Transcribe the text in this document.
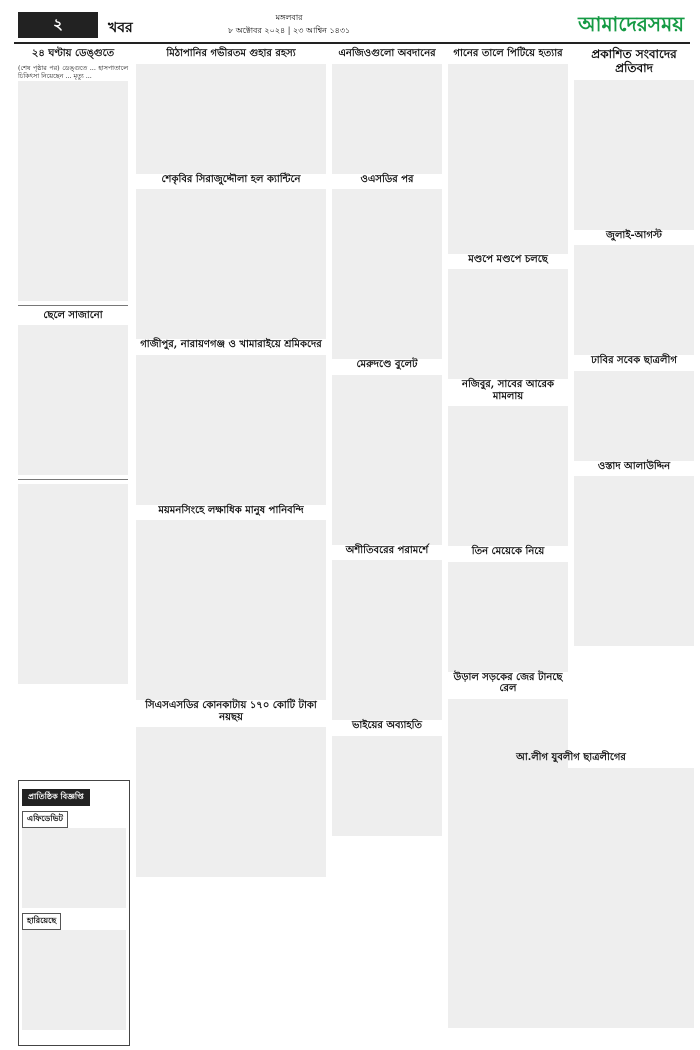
২	খবর
মঙ্গলবার
৮ অক্টোবর ২০২৪ | ২৩ আশ্বিন ১৪৩১	আমাদেরসময়
২৪ ঘণ্টায় ডেঙ্গুতে

(শেষ পৃষ্ঠার পর) ডেঙ্গুতে ... হাসপাতালে চিকিৎসা নিয়েছেন ... মৃত্যু ...

ছেলে সাজানো
প্রাতিষ্ঠিক বিজ্ঞপ্তি এফিডেভিট
হারিয়েছে
মিঠাপানির গভীরতম গুহার রহস্য
শেকৃবির সিরাজুদ্দৌলা হল ক্যান্টিনে
গাজীপুর, নারায়ণগঞ্জ ও খামারাইয়ে শ্রমিকদের
ময়মনসিংহে লক্ষাধিক মানুষ পানিবন্দি
সিএসএসডির কোনকাটায় ১৭০ কোটি টাকা নয়ছয়
এনজিওগুলো অবদানের
ওএসডির পর
মেরুদণ্ডে বুলেট
অশীতিবরের পরামর্শে
ভাইয়ের অব্যাহতি
গানের তালে পিটিয়ে হত্যার
মণ্ডপে মণ্ডপে চলছে
নজিবুর, সাবের আরেক মামলায়
তিন মেয়েকে নিয়ে
উড়াল সড়কের জের টানছে রেল
প্রকাশিত সংবাদের প্রতিবাদ
জুলাই-আগস্ট
ঢাবির সবেক ছাত্রলীগ
ওস্তাদ আলাউদ্দিন
আ.লীগ যুবলীগ ছাত্রলীগের
